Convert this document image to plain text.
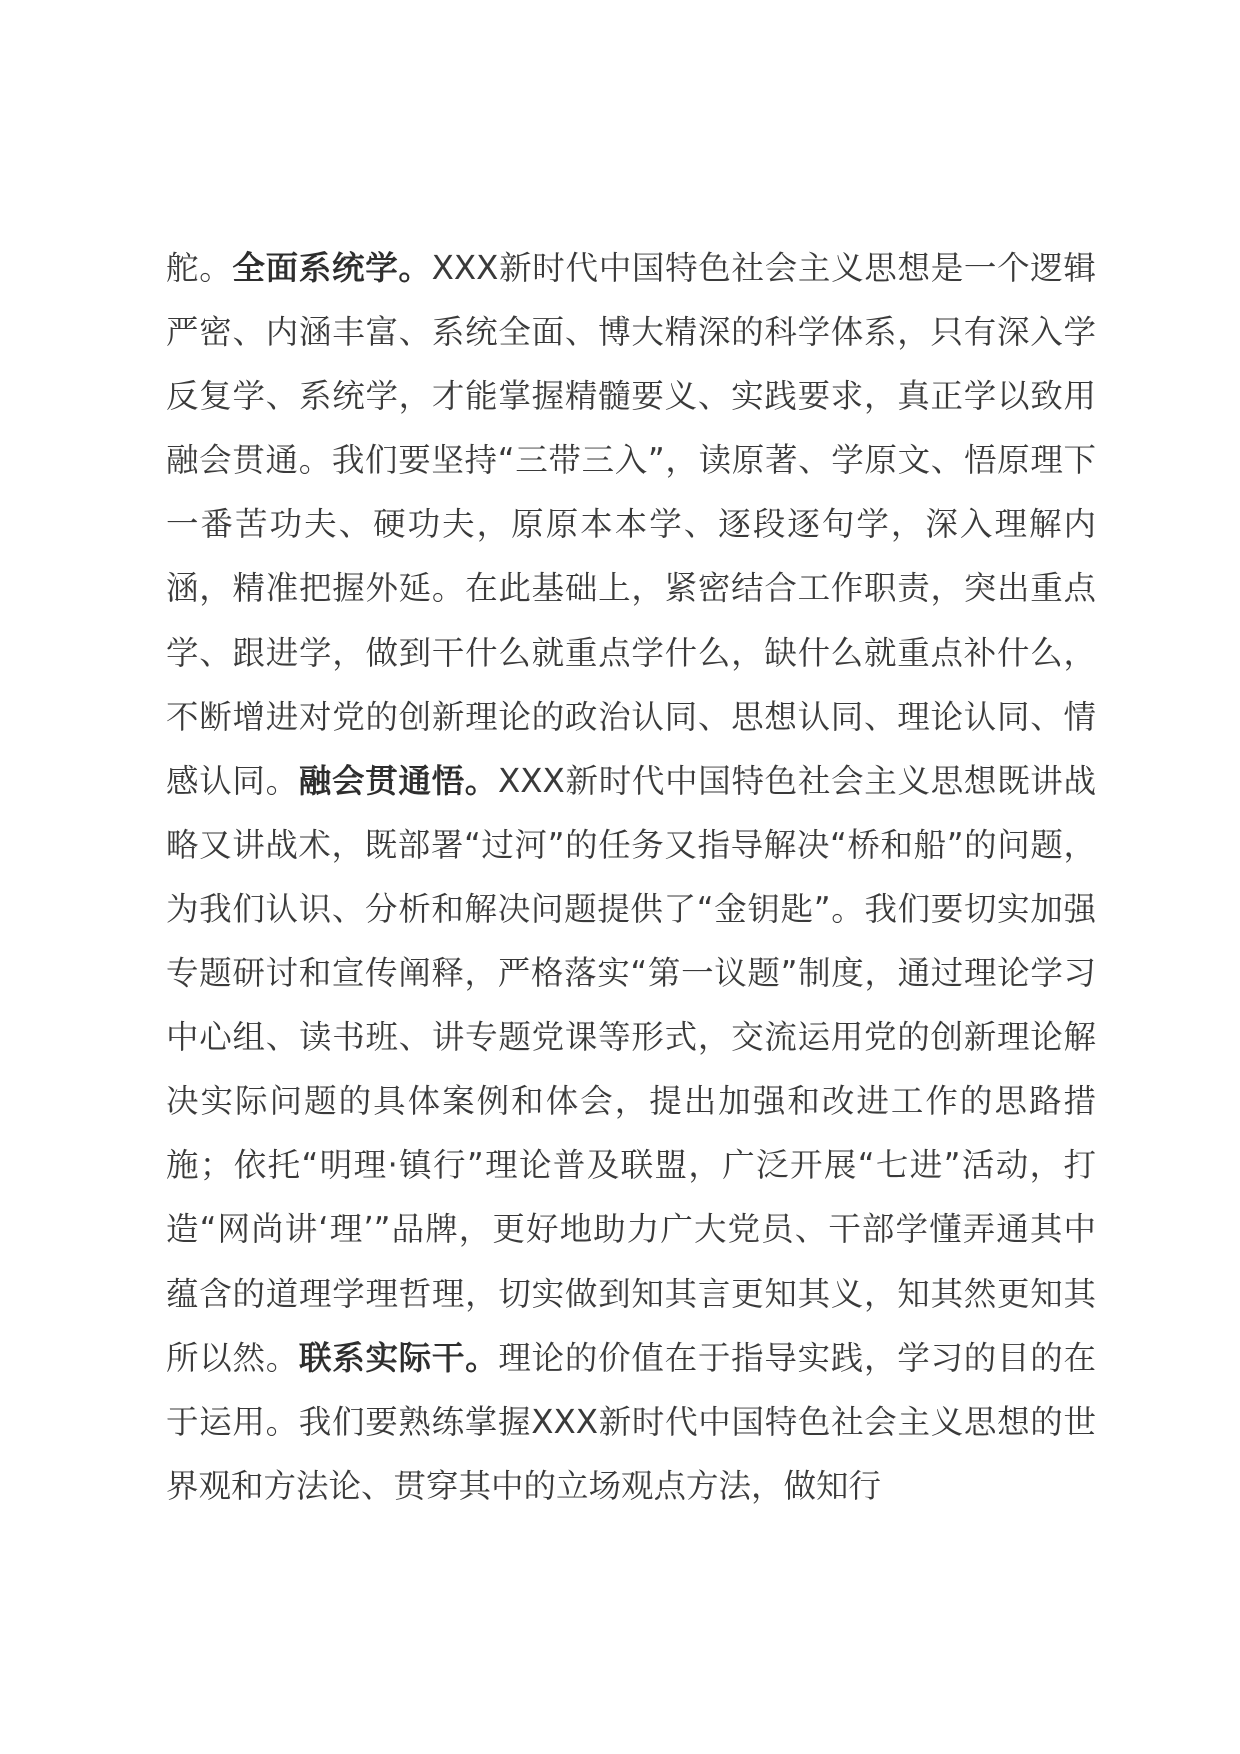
舵。全面系统学。XXX新时代中国特色社会主义思想是一个逻辑严密、内涵丰富、系统全面、博大精深的科学体系，只有深入学反复学、系统学，才能掌握精髓要义、实践要求，真正学以致用融会贯通。我们要坚持“三带三入”，读原著、学原文、悟原理下一番苦功夫、硬功夫，原原本本学、逐段逐句学，深入理解内涵，精准把握外延。在此基础上，紧密结合工作职责，突出重点学、跟进学，做到干什么就重点学什么，缺什么就重点补什么，不断增进对党的创新理论的政治认同、思想认同、理论认同、情感认同。融会贯通悟。XXX新时代中国特色社会主义思想既讲战略又讲战术，既部署“过河”的任务又指导解决“桥和船”的问题，为我们认识、分析和解决问题提供了“金钥匙”。我们要切实加强专题研讨和宣传阐释，严格落实“第一议题”制度，通过理论学习中心组、读书班、讲专题党课等形式，交流运用党的创新理论解决实际问题的具体案例和体会，提出加强和改进工作的思路措施；依托“明理·镇行”理论普及联盟，广泛开展“七进”活动，打造“网尚讲‘理’”品牌，更好地助力广大党员、干部学懂弄通其中蕴含的道理学理哲理，切实做到知其言更知其义，知其然更知其所以然。联系实际干。理论的价值在于指导实践，学习的目的在于运用。我们要熟练掌握XXX新时代中国特色社会主义思想的世界观和方法论、贯穿其中的立场观点方法，做知行
